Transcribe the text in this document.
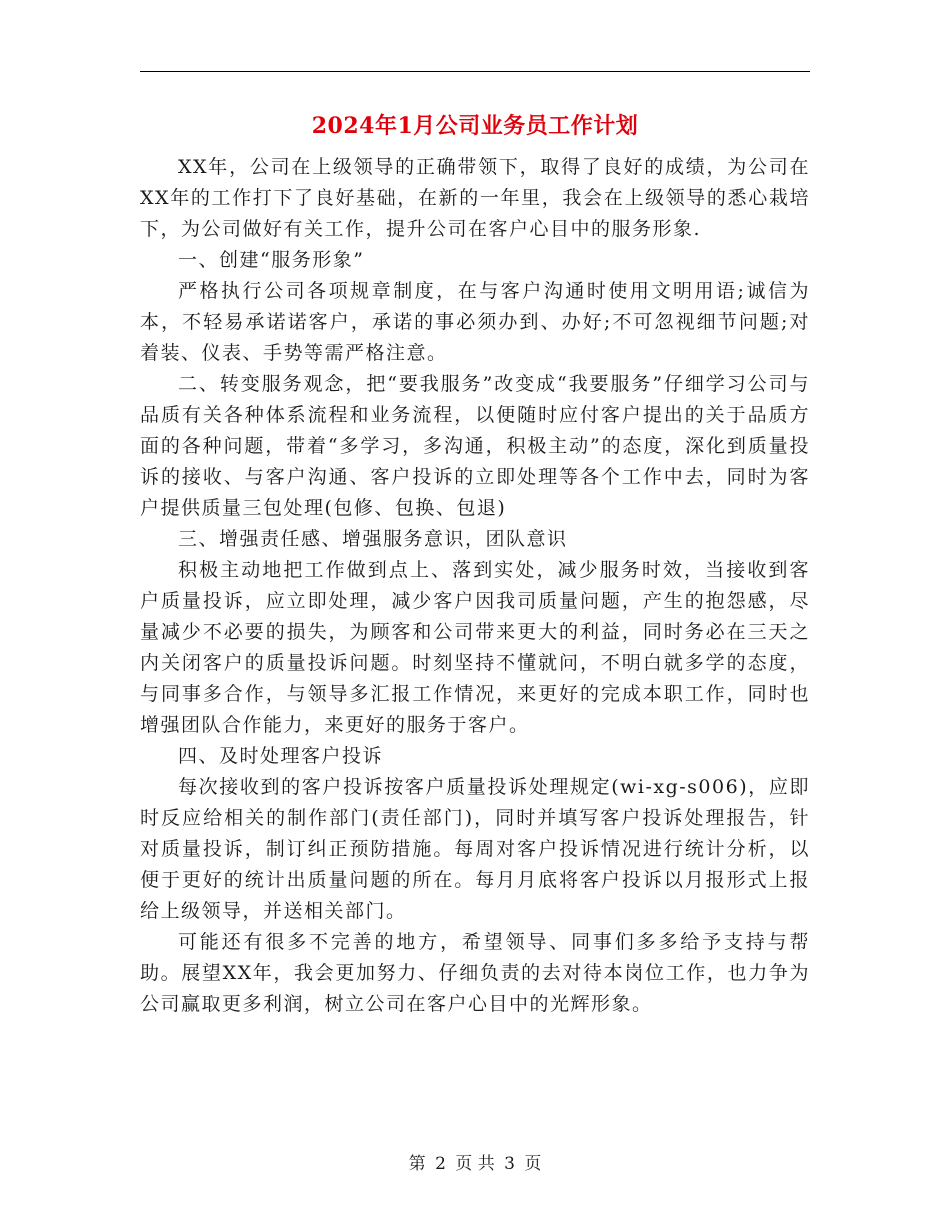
2024年1月公司业务员工作计划

XX年，公司在上级领导的正确带领下，取得了良好的成绩，为公司在XX年的工作打下了良好基础，在新的一年里，我会在上级领导的悉心栽培下，为公司做好有关工作，提升公司在客户心目中的服务形象.

一、创建“服务形象”

严格执行公司各项规章制度，在与客户沟通时使用文明用语;诚信为本，不轻易承诺诺客户，承诺的事必须办到、办好;不可忽视细节问题;对着装、仪表、手势等需严格注意。

二、转变服务观念，把“要我服务”改变成“我要服务”仔细学习公司与品质有关各种体系流程和业务流程，以便随时应付客户提出的关于品质方面的各种问题，带着“多学习，多沟通，积极主动”的态度，深化到质量投诉的接收、与客户沟通、客户投诉的立即处理等各个工作中去，同时为客户提供质量三包处理(包修、包换、包退)

三、增强责任感、增强服务意识，团队意识

积极主动地把工作做到点上、落到实处，减少服务时效，当接收到客户质量投诉，应立即处理，减少客户因我司质量问题，产生的抱怨感，尽量减少不必要的损失，为顾客和公司带来更大的利益，同时务必在三天之内关闭客户的质量投诉问题。时刻坚持不懂就问，不明白就多学的态度，与同事多合作，与领导多汇报工作情况，来更好的完成本职工作，同时也增强团队合作能力，来更好的服务于客户。

四、及时处理客户投诉

每次接收到的客户投诉按客户质量投诉处理规定(wi-xg-s006)，应即时反应给相关的制作部门(责任部门)，同时并填写客户投诉处理报告，针对质量投诉，制订纠正预防措施。每周对客户投诉情况进行统计分析，以便于更好的统计出质量问题的所在。每月月底将客户投诉以月报形式上报给上级领导，并送相关部门。

可能还有很多不完善的地方，希望领导、同事们多多给予支持与帮助。展望XX年，我会更加努力、仔细负责的去对待本岗位工作，也力争为公司赢取更多利润，树立公司在客户心目中的光辉形象。

第 2 页 共 3 页
